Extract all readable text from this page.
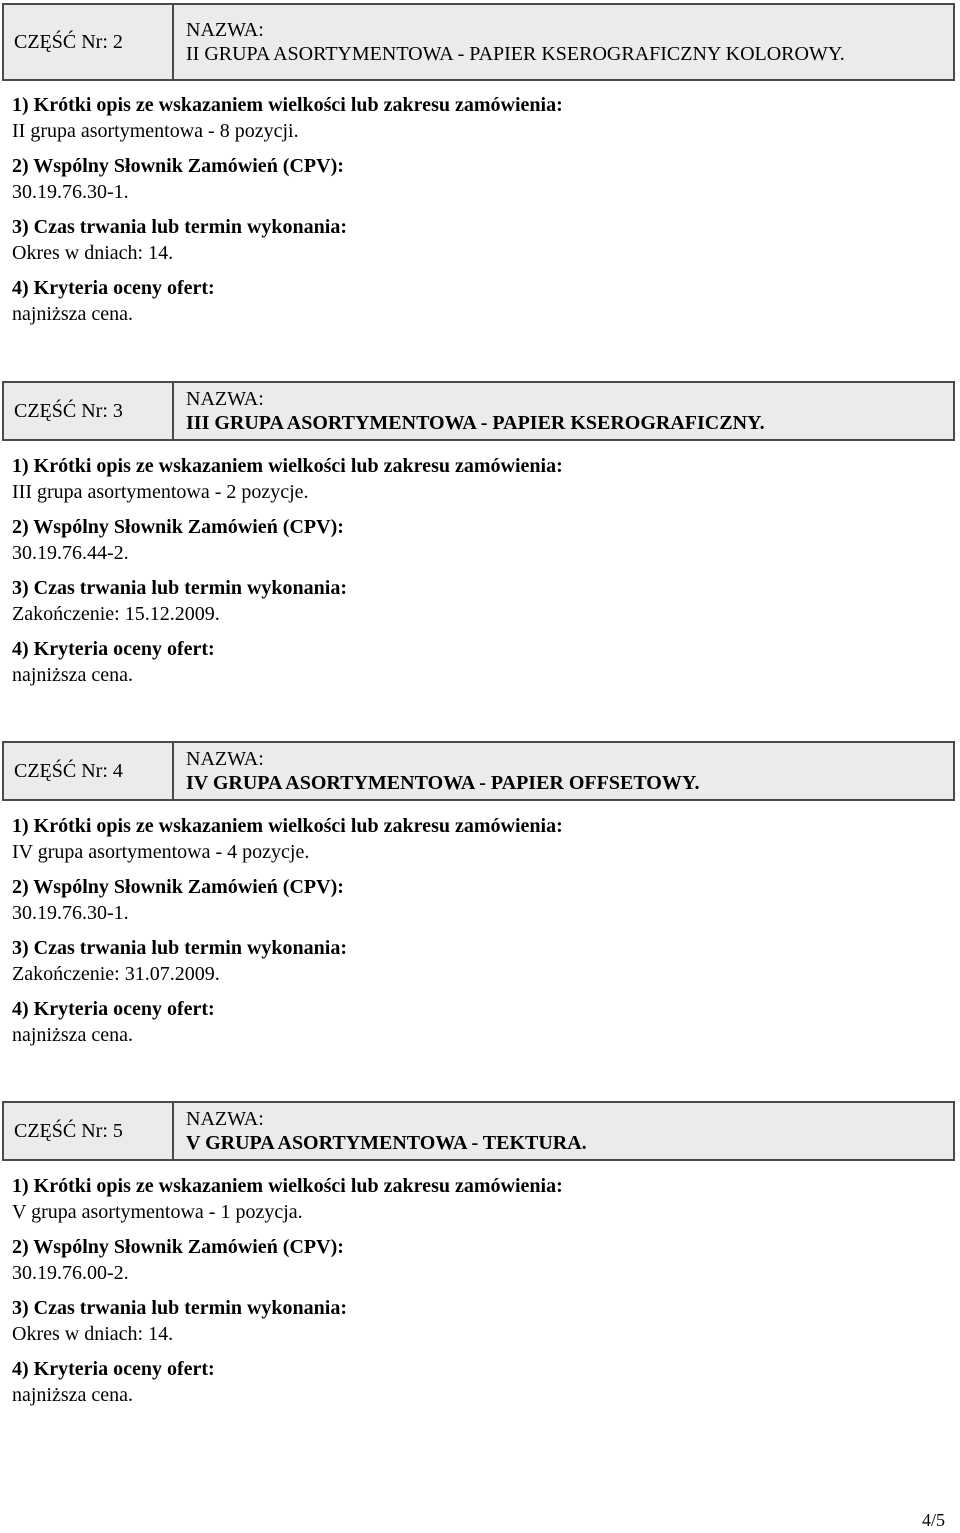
CZĘŚĆ Nr: 2
NAZWA:
II GRUPA ASORTYMENTOWA - PAPIER KSEROGRAFICZNY KOLOROWY.
1) Krótki opis ze wskazaniem wielkości lub zakresu zamówienia:
II grupa asortymentowa - 8 pozycji.
2) Wspólny Słownik Zamówień (CPV):
30.19.76.30-1.
3) Czas trwania lub termin wykonania:
Okres w dniach: 14.
4) Kryteria oceny ofert:
najniższa cena.
CZĘŚĆ Nr: 3
NAZWA:
III GRUPA ASORTYMENTOWA - PAPIER KSEROGRAFICZNY.
1) Krótki opis ze wskazaniem wielkości lub zakresu zamówienia:
III grupa asortymentowa - 2 pozycje.
2) Wspólny Słownik Zamówień (CPV):
30.19.76.44-2.
3) Czas trwania lub termin wykonania:
Zakończenie: 15.12.2009.
4) Kryteria oceny ofert:
najniższa cena.
CZĘŚĆ Nr: 4
NAZWA:
IV GRUPA ASORTYMENTOWA - PAPIER OFFSETOWY.
1) Krótki opis ze wskazaniem wielkości lub zakresu zamówienia:
IV grupa asortymentowa - 4 pozycje.
2) Wspólny Słownik Zamówień (CPV):
30.19.76.30-1.
3) Czas trwania lub termin wykonania:
Zakończenie: 31.07.2009.
4) Kryteria oceny ofert:
najniższa cena.
CZĘŚĆ Nr: 5
NAZWA:
V GRUPA ASORTYMENTOWA - TEKTURA.
1) Krótki opis ze wskazaniem wielkości lub zakresu zamówienia:
V grupa asortymentowa - 1 pozycja.
2) Wspólny Słownik Zamówień (CPV):
30.19.76.00-2.
3) Czas trwania lub termin wykonania:
Okres w dniach: 14.
4) Kryteria oceny ofert:
najniższa cena.
4/5
